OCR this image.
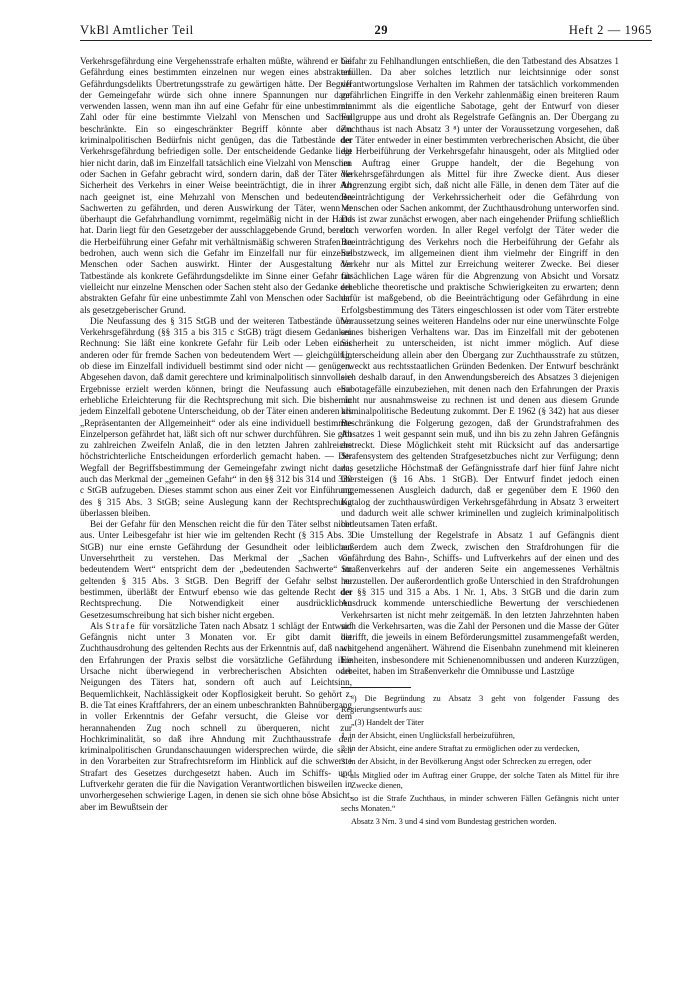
VkBl Amtlicher Teil	29	Heft 2 — 1965

Verkehrsgefährdung eine Vergehensstrafe erhalten müßte, während er bei Gefährdung eines bestimmten einzelnen nur wegen eines abstrakten Gefährdungsdelikts Übertretungsstrafe zu gewärtigen hätte. Der Begriff der Gemeingefahr würde sich ohne innere Spannungen nur dann verwenden lassen, wenn man ihn auf eine Gefahr für eine unbestimmte Zahl oder für eine bestimmte Vielzahl von Menschen und Sachen beschränkte. Ein so eingeschränkter Begriff könnte aber dem kriminalpolitischen Bedürfnis nicht genügen, das die Tatbestände der Verkehrsgefährdung befriedigen solle. Der entscheidende Gedanke liegt hier nicht darin, daß im Einzelfall tatsächlich eine Vielzahl von Menschen oder Sachen in Gefahr gebracht wird, sondern darin, daß der Täter die Sicherheit des Verkehrs in einer Weise beeinträchtigt, die in ihrer Art nach geeignet ist, eine Mehrzahl von Menschen und bedeutenden Sachwerten zu gefährden, und deren Auswirkung der Täter, wenn er überhaupt die Gefahrhandlung vornimmt, regelmäßig nicht in der Hand hat. Darin liegt für den Gesetzgeber der ausschlaggebende Grund, bereits die Herbeiführung einer Gefahr mit verhältnismäßig schweren Strafen zu bedrohen, auch wenn sich die Gefahr im Einzelfall nur für einzelne Menschen oder Sachen auswirkt. Hinter der Ausgestaltung der Tatbestände als konkrete Gefährdungsdelikte im Sinne einer Gefahr für vielleicht nur einzelne Menschen oder Sachen steht also der Gedanke der abstrakten Gefahr für eine unbestimmte Zahl von Menschen oder Sachen als gesetzgeberischer Grund.

Die Neufassung des § 315 StGB und der weiteren Tatbestände über Verkehrsgefährdung (§§ 315 a bis 315 c StGB) trägt diesem Gedanken Rechnung: Sie läßt eine konkrete Gefahr für Leib oder Leben eines anderen oder für fremde Sachen von bedeutendem Wert — gleichgültig, ob diese im Einzelfall individuell bestimmt sind oder nicht — genügen. Abgesehen davon, daß damit gerechtere und kriminalpolitisch sinnvollere Ergebnisse erzielt werden können, bringt die Neufassung auch eine erhebliche Erleichterung für die Rechtsprechung mit sich. Die bisher in jedem Einzelfall gebotene Unterscheidung, ob der Täter einen anderen als „Repräsentanten der Allgemeinheit“ oder als eine individuell bestimmte Einzelperson gefährdet hat, läßt sich oft nur schwer durchführen. Sie gibt zu zahlreichen Zweifeln Anlaß, die in den letzten Jahren zahlreiche höchstrichterliche Entscheidungen erforderlich gemacht haben. — Der Wegfall der Begriffsbestimmung der Gemeingefahr zwingt nicht dazu, auch das Merkmal der „gemeinen Gefahr“ in den §§ 312 bis 314 und 330 c StGB aufzugeben. Dieses stammt schon aus einer Zeit vor Einführung des § 315 Abs. 3 StGB; seine Auslegung kann der Rechtsprechung überlassen bleiben.

Bei der Gefahr für den Menschen reicht die für den Täter selbst nicht aus. Unter Leibesgefahr ist hier wie im geltenden Recht (§ 315 Abs. 3 StGB) nur eine ernste Gefährdung der Gesundheit oder leiblichen Unversehrtheit zu verstehen. Das Merkmal der „Sachen von bedeutendem Wert“ entspricht dem der „bedeutenden Sachwerte“ im geltenden § 315 Abs. 3 StGB. Den Begriff der Gefahr selbst zu bestimmen, überläßt der Entwurf ebenso wie das geltende Recht der Rechtsprechung. Die Notwendigkeit einer ausdrücklichen Gesetzesumschreibung hat sich bisher nicht ergeben.

Als Strafe für vorsätzliche Taten nach Absatz 1 schlägt der Entwurf Gefängnis nicht unter 3 Monaten vor. Er gibt damit die Zuchthausdrohung des geltenden Rechts aus der Erkenntnis auf, daß nach den Erfahrungen der Praxis selbst die vorsätzliche Gefährdung ihre Ursache nicht überwiegend in verbrecherischen Absichten oder Neigungen des Täters hat, sondern oft auch auf Leichtsinn, Bequemlichkeit, Nachlässigkeit oder Kopflosigkeit beruht. So gehört z. B. die Tat eines Kraftfahrers, der an einem unbeschrankten Bahnübergang in voller Erkenntnis der Gefahr versucht, die Gleise vor dem herannahenden Zug noch schnell zu überqueren, nicht zur Hochkriminalität, so daß ihre Ahndung mit Zuchthausstrafe den kriminalpolitischen Grundanschauungen widersprechen würde, die sich in den Vorarbeiten zur Strafrechtsreform im Hinblick auf die schwerste Strafart des Gesetzes durchgesetzt haben. Auch im Schiffs- und Luftverkehr geraten die für die Navigation Verantwortlichen bisweilen in unvorhergesehen schwierige Lagen, in denen sie sich ohne böse Absicht, aber im Bewußtsein der

Gefahr zu Fehlhandlungen entschließen, die den Tatbestand des Absatzes 1 erfüllen. Da aber solches letztlich nur leichtsinnige oder sonst verantwortungslose Verhalten im Rahmen der tatsächlich vorkommenden gefährlichen Eingriffe in den Verkehr zahlenmäßig einen breiteren Raum einnimmt als die eigentliche Sabotage, geht der Entwurf von dieser Fallgruppe aus und droht als Regelstrafe Gefängnis an. Der Übergang zu Zuchthaus ist nach Absatz 3 ⁸) unter der Voraussetzung vorgesehen, daß der Täter entweder in einer bestimmten verbrecherischen Absicht, die über die Herbeiführung der Verkehrsgefahr hinausgeht, oder als Mitglied oder im Auftrag einer Gruppe handelt, der die Begehung von Verkehrsgefährdungen als Mittel für ihre Zwecke dient. Aus dieser Abgrenzung ergibt sich, daß nicht alle Fälle, in denen dem Täter auf die Beeinträchtigung der Verkehrssicherheit oder die Gefährdung von Menschen oder Sachen ankommt, der Zuchthausdrohung unterworfen sind. Das ist zwar zunächst erwogen, aber nach eingehender Prüfung schließlich doch verworfen worden. In aller Regel verfolgt der Täter weder die Beeinträchtigung des Verkehrs noch die Herbeiführung der Gefahr als Selbstzweck, im allgemeinen dient ihm vielmehr der Eingriff in den Verkehr nur als Mittel zur Erreichung weiterer Zwecke. Bei dieser tatsächlichen Lage wären für die Abgrenzung von Absicht und Vorsatz erhebliche theoretische und praktische Schwierigkeiten zu erwarten; denn dafür ist maßgebend, ob die Beeinträchtigung oder Gefährdung in eine Erfolgsbestimmung des Täters eingeschlossen ist oder vom Täter erstrebte Voraussetzung seines weiteren Handelns oder nur eine unerwünschte Folge seines bisherigen Verhaltens war. Das im Einzelfall mit der gebotenen Sicherheit zu unterscheiden, ist nicht immer möglich. Auf diese Unterscheidung allein aber den Übergang zur Zuchthausstrafe zu stützen, erweckt aus rechtsstaatlichen Gründen Bedenken. Der Entwurf beschränkt sich deshalb darauf, in den Anwendungsbereich des Absatzes 3 diejenigen Sabotagefälle einzubeziehen, mit denen nach den Erfahrungen der Praxis nicht nur ausnahmsweise zu rechnen ist und denen aus diesem Grunde kriminalpolitische Bedeutung zukommt. Der E 1962 (§ 342) hat aus dieser Beschränkung die Folgerung gezogen, daß der Grundstrafrahmen des Absatzes 1 weit gespannt sein muß, und ihn bis zu zehn Jahren Gefängnis erstreckt. Diese Möglichkeit steht mit Rücksicht auf das andersartige Strafensystem des geltenden Strafgesetzbuches nicht zur Verfügung; denn das gesetzliche Höchstmaß der Gefängnisstrafe darf hier fünf Jahre nicht übersteigen (§ 16 Abs. 1 StGB). Der Entwurf findet jedoch einen angemessenen Ausgleich dadurch, daß er gegenüber dem E 1960 den Katalog der zuchthauswürdigen Verkehrsgefährdung in Absatz 3 erweitert und dadurch weit alle schwer kriminellen und zugleich kriminalpolitisch bedeutsamen Taten erfaßt.

Die Umstellung der Regelstrafe in Absatz 1 auf Gefängnis dient außerdem auch dem Zweck, zwischen den Strafdrohungen für die Gefährdung des Bahn-, Schiffs- und Luftverkehrs auf der einen und des Straßenverkehrs auf der anderen Seite ein angemessenes Verhältnis herzustellen. Der außerordentlich große Unterschied in den Strafdrohungen der §§ 315 und 315 a Abs. 1 Nr. 1, Abs. 3 StGB und die darin zum Ausdruck kommende unterschiedliche Bewertung der verschiedenen Verkehrsarten ist nicht mehr zeitgemäß. In den letzten Jahrzehnten haben sich die Verkehrsarten, was die Zahl der Personen und die Masse der Güter betrifft, die jeweils in einem Beförderungsmittel zusammengefaßt werden, weitgehend angenähert. Während die Eisenbahn zunehmend mit kleineren Einheiten, insbesondere mit Schienenomnibussen und anderen Kurzzügen, arbeitet, haben im Straßenverkehr die Omnibusse und Lastzüge

⁸) Die Begründung zu Absatz 3 geht von folgender Fassung des Regierungsentwurfs aus:

„(3) Handelt der Täter

1. in der Absicht, einen Unglücksfall herbeizuführen,

2. in der Absicht, eine andere Straftat zu ermöglichen oder zu verdecken,

3. in der Absicht, in der Bevölkerung Angst oder Schrecken zu erregen, oder

4. als Mitglied oder im Auftrag einer Gruppe, der solche Taten als Mittel für ihre Zwecke dienen,

so ist die Strafe Zuchthaus, in minder schweren Fällen Gefängnis nicht unter sechs Monaten.“

Absatz 3 Nrn. 3 und 4 sind vom Bundestag gestrichen worden.
